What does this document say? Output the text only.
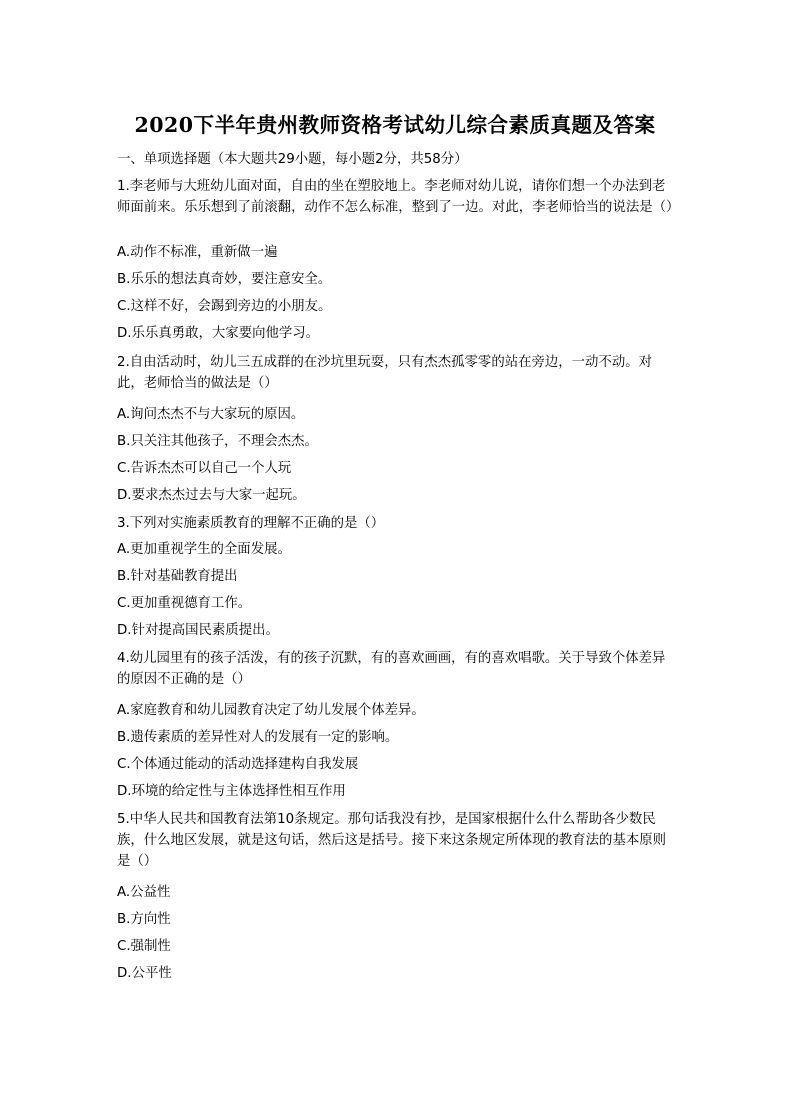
2020下半年贵州教师资格考试幼儿综合素质真题及答案
一、单项选择题（本大题共29小题，每小题2分，共58分）

1.李老师与大班幼儿面对面，自由的坐在塑胶地上。李老师对幼儿说，请你们想一个办法到老师面前来。乐乐想到了前滚翻，动作不怎么标准，整到了一边。对此，李老师恰当的说法是（）

A.动作不标准，重新做一遍

B.乐乐的想法真奇妙，要注意安全。

C.这样不好，会踢到旁边的小朋友。

D.乐乐真勇敢，大家要向他学习。

2.自由活动时，幼儿三五成群的在沙坑里玩耍，只有杰杰孤零零的站在旁边，一动不动。对此，老师恰当的做法是（）

A.询问杰杰不与大家玩的原因。

B.只关注其他孩子，不理会杰杰。

C.告诉杰杰可以自己一个人玩

D.要求杰杰过去与大家一起玩。

3.下列对实施素质教育的理解不正确的是（）

A.更加重视学生的全面发展。

B.针对基础教育提出

C.更加重视德育工作。

D.针对提高国民素质提出。

4.幼儿园里有的孩子活泼，有的孩子沉默，有的喜欢画画，有的喜欢唱歌。关于导致个体差异的原因不正确的是（）

A.家庭教育和幼儿园教育决定了幼儿发展个体差异。

B.遗传素质的差异性对人的发展有一定的影响。

C.个体通过能动的活动选择建构自我发展

D.环境的给定性与主体选择性相互作用

5.中华人民共和国教育法第10条规定。那句话我没有抄，是国家根据什么什么帮助各少数民族，什么地区发展，就是这句话，然后这是括号。接下来这条规定所体现的教育法的基本原则是（）

A.公益性

B.方向性

C.强制性

D.公平性
